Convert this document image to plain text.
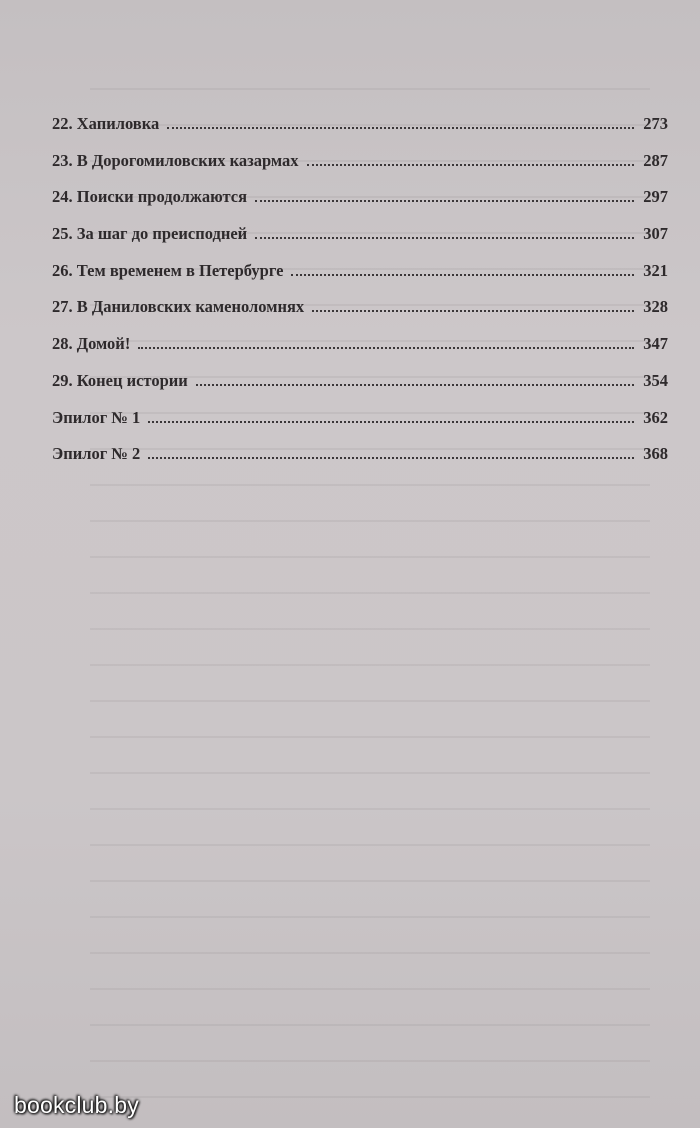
22. Хапиловка	273
23. В Дорогомиловских казармах	287
24. Поиски продолжаются	297
25. За шаг до преисподней	307
26. Тем временем в Петербурге	321
27. В Даниловских каменоломнях	328
28. Домой!	347
29. Конец истории	354
Эпилог № 1	362
Эпилог № 2	368
bookclub.by
